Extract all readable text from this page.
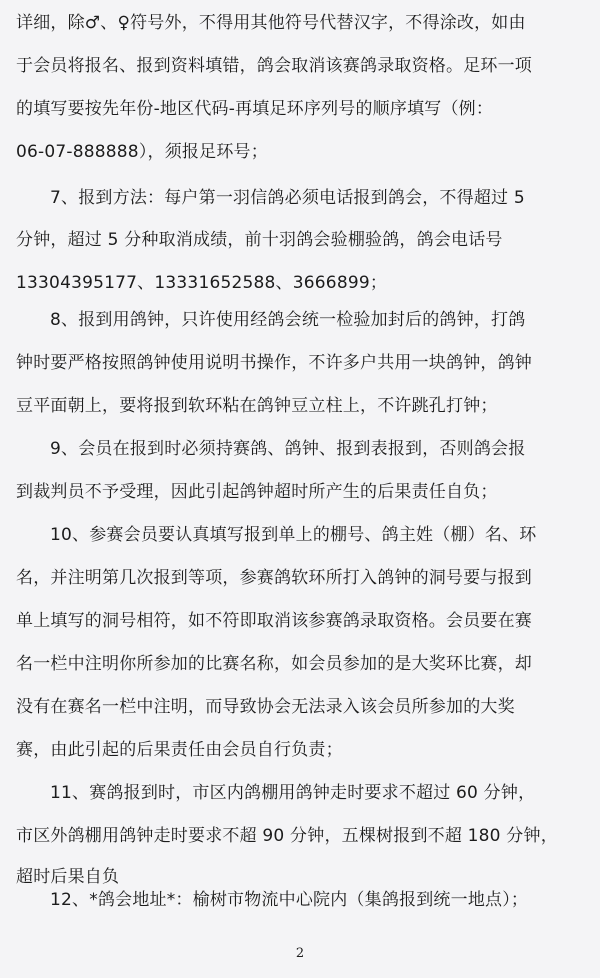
详细，除♂、♀符号外，不得用其他符号代替汉字，不得涂改，如由
于会员将报名、报到资料填错，鸽会取消该赛鸽录取资格。足环一项
的填写要按先年份-地区代码-再填足环序列号的顺序填写（例：
06-07-888888），须报足环号；
7、报到方法：每户第一羽信鸽必须电话报到鸽会，不得超过 5
分钟，超过 5 分种取消成绩，前十羽鸽会验棚验鸽，鸽会电话号
13304395177、13331652588、3666899；
8、报到用鸽钟，只许使用经鸽会统一检验加封后的鸽钟，打鸽
钟时要严格按照鸽钟使用说明书操作，不许多户共用一块鸽钟，鸽钟
豆平面朝上，要将报到软环粘在鸽钟豆立柱上，不许跳孔打钟；
9、会员在报到时必须持赛鸽、鸽钟、报到表报到，否则鸽会报
到裁判员不予受理，因此引起鸽钟超时所产生的后果责任自负；
10、参赛会员要认真填写报到单上的棚号、鸽主姓（棚）名、环
名，并注明第几次报到等项，参赛鸽软环所打入鸽钟的洞号要与报到
单上填写的洞号相符，如不符即取消该参赛鸽录取资格。会员要在赛
名一栏中注明你所参加的比赛名称，如会员参加的是大奖环比赛，却
没有在赛名一栏中注明，而导致协会无法录入该会员所参加的大奖
赛，由此引起的后果责任由会员自行负责；
11、赛鸽报到时，市区内鸽棚用鸽钟走时要求不超过 60 分钟，
市区外鸽棚用鸽钟走时要求不超 90 分钟，五棵树报到不超 180 分钟，
超时后果自负
12、*鸽会地址*：榆树市物流中心院内（集鸽报到统一地点）；
2
